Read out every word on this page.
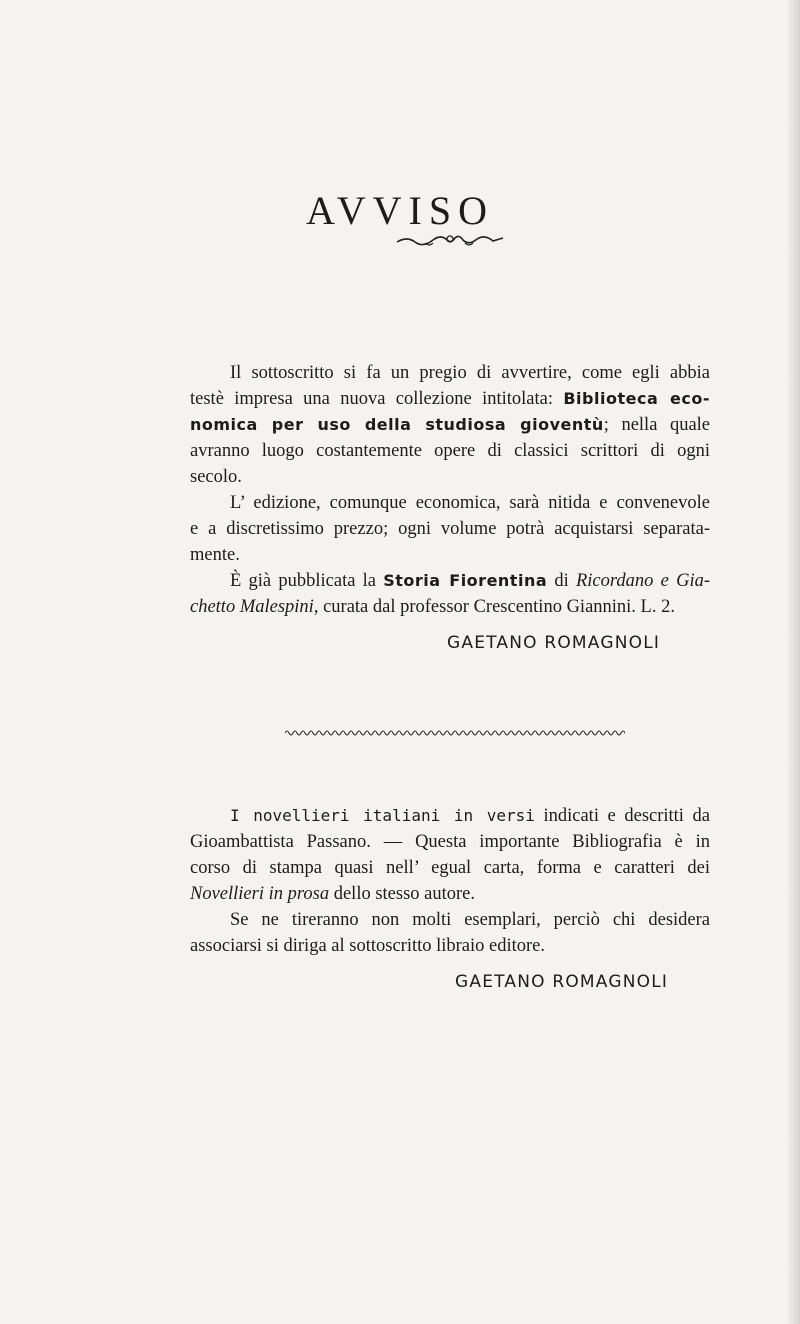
AVVISO
Il sottoscritto si fa un pregio di avvertire, come egli abbia
testè impresa una nuova collezione intitolata: Biblioteca eco-
nomica per uso della studiosa gioventù; nella quale
avranno luogo costantemente opere di classici scrittori di ogni
secolo.
L’ edizione, comunque economica, sarà nitida e convenevole
e a discretissimo prezzo; ogni volume potrà acquistarsi separata-
mente.
È già pubblicata la Storia Fiorentina di Ricordano e Gia-
chetto Malespini, curata dal professor Crescentino Giannini. L. 2.
GAETANO ROMAGNOLI
I novellieri italiani in versi indicati e descritti da
Gioambattista Passano. — Questa importante Bibliografia è in
corso di stampa quasi nell’ egual carta, forma e caratteri dei
Novellieri in prosa dello stesso autore.
Se ne tireranno non molti esemplari, perciò chi desidera
associarsi si diriga al sottoscritto libraio editore.
GAETANO ROMAGNOLI
